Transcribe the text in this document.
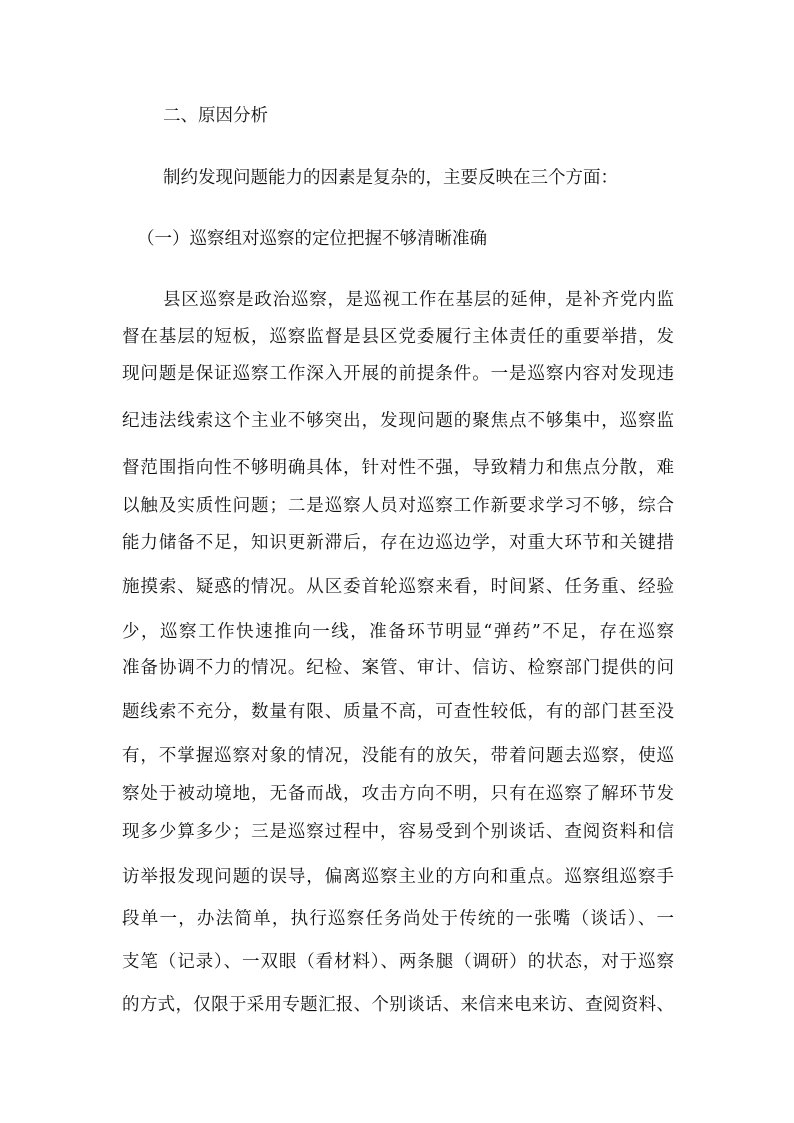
二、原因分析
制约发现问题能力的因素是复杂的，主要反映在三个方面：
（一）巡察组对巡察的定位把握不够清晰准确
县区巡察是政治巡察，是巡视工作在基层的延伸，是补齐党内监
督在基层的短板，巡察监督是县区党委履行主体责任的重要举措，发
现问题是保证巡察工作深入开展的前提条件。一是巡察内容对发现违
纪违法线索这个主业不够突出，发现问题的聚焦点不够集中，巡察监
督范围指向性不够明确具体，针对性不强，导致精力和焦点分散，难
以触及实质性问题；二是巡察人员对巡察工作新要求学习不够，综合
能力储备不足，知识更新滞后，存在边巡边学，对重大环节和关键措
施摸索、疑惑的情况。从区委首轮巡察来看，时间紧、任务重、经验
少，巡察工作快速推向一线，准备环节明显“弹药”不足，存在巡察
准备协调不力的情况。纪检、案管、审计、信访、检察部门提供的问
题线索不充分，数量有限、质量不高，可查性较低，有的部门甚至没
有，不掌握巡察对象的情况，没能有的放矢，带着问题去巡察，使巡
察处于被动境地，无备而战，攻击方向不明，只有在巡察了解环节发
现多少算多少；三是巡察过程中，容易受到个别谈话、查阅资料和信
访举报发现问题的误导，偏离巡察主业的方向和重点。巡察组巡察手
段单一，办法简单，执行巡察任务尚处于传统的一张嘴（谈话）、一
支笔（记录）、一双眼（看材料）、两条腿（调研）的状态，对于巡察
的方式，仅限于采用专题汇报、个别谈话、来信来电来访、查阅资料、
